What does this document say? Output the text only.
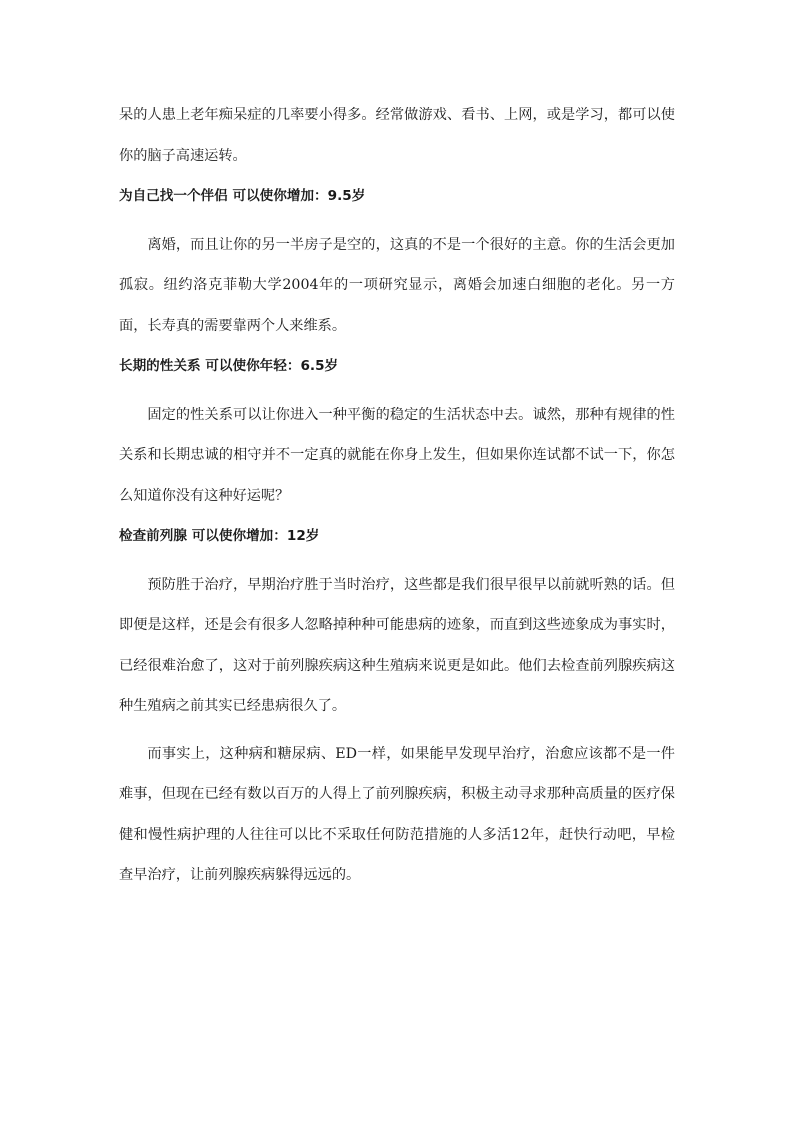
呆的人患上老年痴呆症的几率要小得多。经常做游戏、看书、上网，或是学习，都可以使你的脑子高速运转。

为自己找一个伴侣 可以使你增加：9.5岁

离婚，而且让你的另一半房子是空的，这真的不是一个很好的主意。你的生活会更加孤寂。纽约洛克菲勒大学2004年的一项研究显示，离婚会加速白细胞的老化。另一方面，长寿真的需要靠两个人来维系。

长期的性关系 可以使你年轻：6.5岁

固定的性关系可以让你进入一种平衡的稳定的生活状态中去。诚然，那种有规律的性关系和长期忠诚的相守并不一定真的就能在你身上发生，但如果你连试都不试一下，你怎么知道你没有这种好运呢？

检查前列腺 可以使你增加：12岁

预防胜于治疗，早期治疗胜于当时治疗，这些都是我们很早很早以前就听熟的话。但即便是这样，还是会有很多人忽略掉种种可能患病的迹象，而直到这些迹象成为事实时，已经很难治愈了，这对于前列腺疾病这种生殖病来说更是如此。他们去检查前列腺疾病这种生殖病之前其实已经患病很久了。

而事实上，这种病和糖尿病、ED一样，如果能早发现早治疗，治愈应该都不是一件难事，但现在已经有数以百万的人得上了前列腺疾病，积极主动寻求那种高质量的医疗保健和慢性病护理的人往往可以比不采取任何防范措施的人多活12年，赶快行动吧，早检查早治疗，让前列腺疾病躲得远远的。
